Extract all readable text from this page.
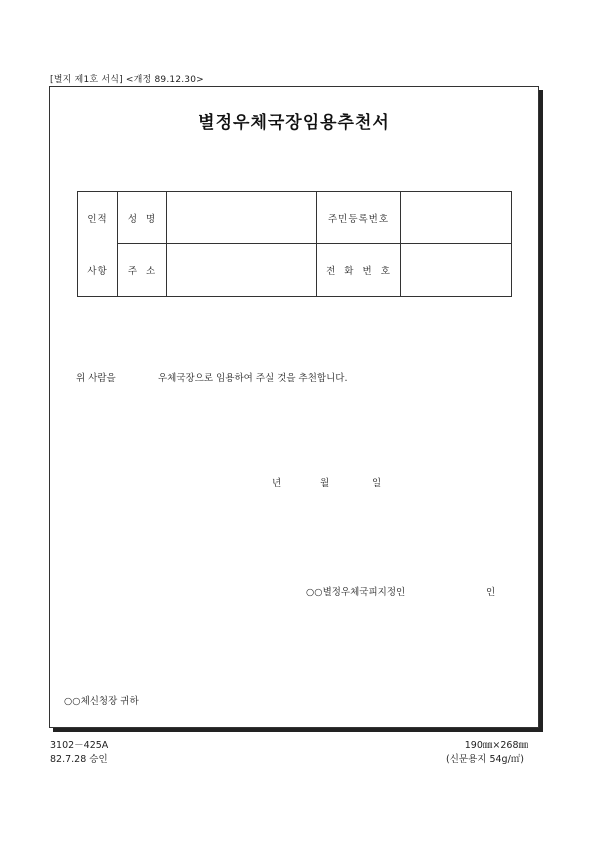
[별지 제1호 서식] <개정 89.12.30>
별정우체국장임용추천서
인적	성 명		주민등록번호	
사항	주 소		전 화 번 호	
위 사람을              우체국장으로 임용하여 주실 것을 추천합니다.
년	월	일
○○별정우체국피지정인	인
○○체신청장 귀하
3102－425A
82.7.28 승인
190㎜×268㎜
(신문용지 54g/㎡)
